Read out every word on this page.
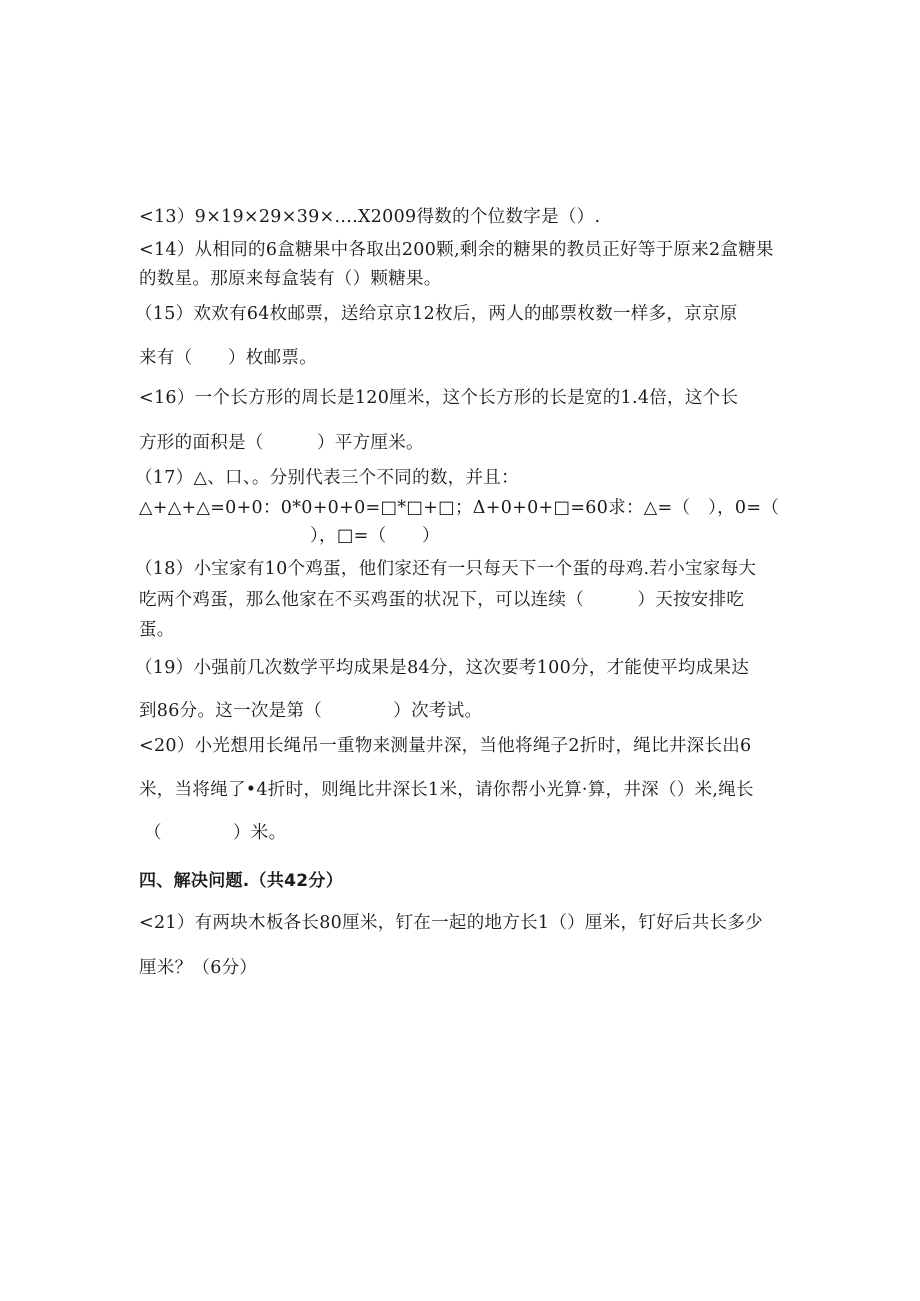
<13）9×19×29×39×....X2009得数的个位数字是（）.
<14）从相同的6盒糖果中各取出200颗,剩余的糖果的教员正好等于原来2盒糖果
的数星。那原来每盒装有（）颗糖果。
（15）欢欢有64枚邮票，送给京京12枚后，两人的邮票枚数一样多，京京原
来有（　　）枚邮票。
<16）一个长方形的周长是120厘米，这个长方形的长是宽的1.4倍，这个长
方形的面积是（　　　）平方厘米。
（17）△、口、。分别代表三个不同的数，并且：
△+△+△=0+0：0*0+0+0=□*□+□；Δ+0+0+□=60求：△=（　），0=（
），□=（　　）
（18）小宝家有10个鸡蛋，他们家还有一只每天下一个蛋的母鸡.若小宝家每大
吃两个鸡蛋，那么他家在不买鸡蛋的状况下，可以连续（　　　）天按安排吃
蛋。
（19）小强前几次数学平均成果是84分，这次要考100分，才能使平均成果达
到86分。这一次是第（　　　　）次考试。
<20）小光想用长绳吊一重物来测量井深，当他将绳子2折时，绳比井深长出6
米，当将绳了•4折时，则绳比井深长1米，请你帮小光算·算，井深（）米,绳长
（　　　　）米。
四、解决问题.（共42分）
<21）有两块木板各长80厘米，钉在一起的地方长1（）厘米，钉好后共长多少
厘米？（6分）
